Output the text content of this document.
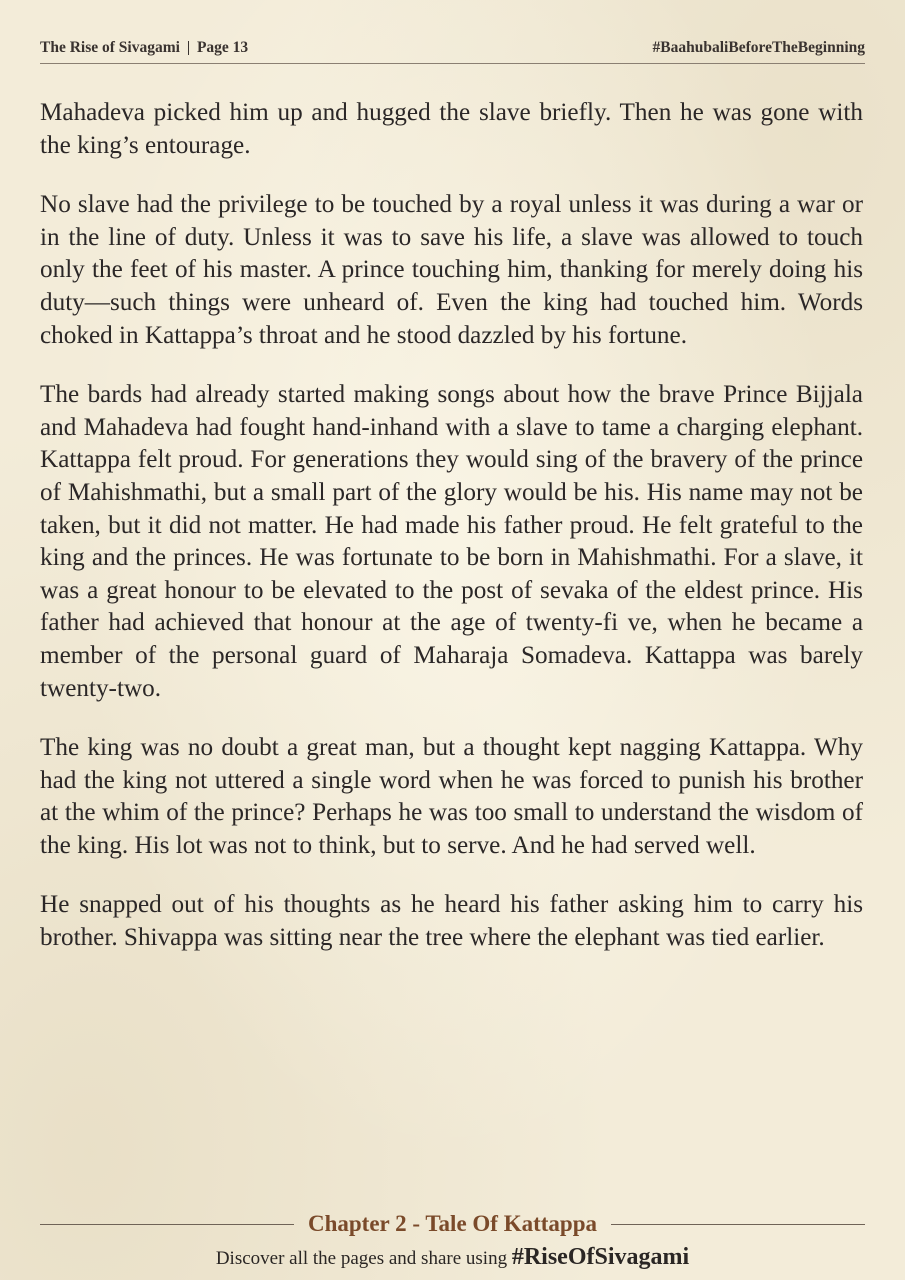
The Rise of Sivagami Page 13	#BaahubaliBeforeTheBeginning

Mahadeva picked him up and hugged the slave briefly. Then he was gone with the king’s entourage.

No slave had the privilege to be touched by a royal unless it was during a war or in the line of duty. Unless it was to save his life, a slave was allowed to touch only the feet of his master. A prince touching him, thanking for merely doing his duty—such things were unheard of. Even the king had touched him. Words choked in Kattappa’s throat and he stood dazzled by his fortune.

The bards had already started making songs about how the brave Prince Bijjala and Mahadeva had fought hand-inhand with a slave to tame a charging elephant. Kattappa felt proud. For generations they would sing of the bravery of the prince of Mahishmathi, but a small part of the glory would be his. His name may not be taken, but it did not matter. He had made his father proud. He felt grateful to the king and the princes. He was fortunate to be born in Mahishmathi. For a slave, it was a great honour to be elevated to the post of sevaka of the eldest prince. His father had achieved that honour at the age of twenty-fi ve, when he became a member of the personal guard of Maharaja Somadeva. Kattappa was barely twenty-two.

The king was no doubt a great man, but a thought kept nagging Kattappa. Why had the king not uttered a single word when he was forced to punish his brother at the whim of the prince? Perhaps he was too small to understand the wisdom of the king. His lot was not to think, but to serve. And he had served well.

He snapped out of his thoughts as he heard his father asking him to carry his brother. Shivappa was sitting near the tree where the elephant was tied earlier.

Chapter 2 - Tale Of Kattappa
Discover all the pages and share using #RiseOfSivagami
